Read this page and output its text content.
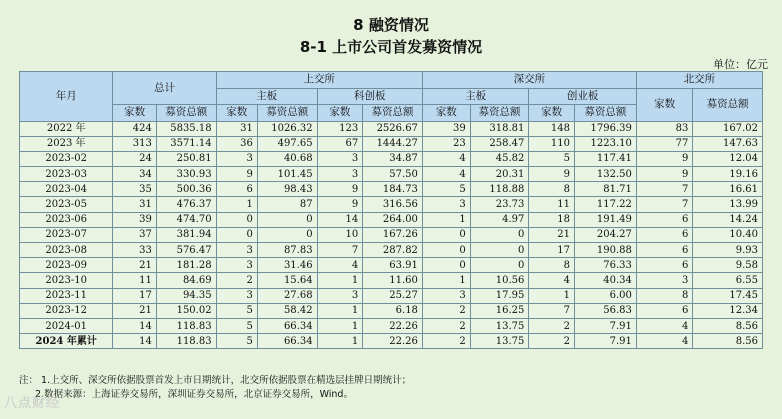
8 融资情况
8-1 上市公司首发募资情况
单位：亿元
年月	总计		上交所				深交所				北交所	
			主板		科创板		主板		创业板		家数	募资总额
	家数	募资总额	家数	募资总额	家数	募资总额	家数	募资总额	家数	募资总额		
2022 年	424	5835.18	31	1026.32	123	2526.67	39	318.81	148	1796.39	83	167.02
2023 年	313	3571.14	36	497.65	67	1444.27	23	258.47	110	1223.10	77	147.63
2023-02	24	250.81	3	40.68	3	34.87	4	45.82	5	117.41	9	12.04
2023-03	34	330.93	9	101.45	3	57.50	4	20.31	9	132.50	9	19.16
2023-04	35	500.36	6	98.43	9	184.73	5	118.88	8	81.71	7	16.61
2023-05	31	476.37	1	87	9	316.56	3	23.73	11	117.22	7	13.99
2023-06	39	474.70	0	0	14	264.00	1	4.97	18	191.49	6	14.24
2023-07	37	381.94	0	0	10	167.26	0	0	21	204.27	6	10.40
2023-08	33	576.47	3	87.83	7	287.82	0	0	17	190.88	6	9.93
2023-09	21	181.28	3	31.46	4	63.91	0	0	8	76.33	6	9.58
2023-10	11	84.69	2	15.64	1	11.60	1	10.56	4	40.34	3	6.55
2023-11	17	94.35	3	27.68	3	25.27	3	17.95	1	6.00	8	17.45
2023-12	21	150.02	5	58.42	1	6.18	2	16.25	7	56.83	6	12.34
2024-01	14	118.83	5	66.34	1	22.26	2	13.75	2	7.91	4	8.56
2024 年累计	14	118.83	5	66.34	1	22.26	2	13.75	2	7.91	4	8.56
注： 1.上交所、深交所依据股票首发上市日期统计，北交所依据股票在精选层挂牌日期统计；
2.数据来源：上海证券交易所，深圳证券交易所，北京证券交易所，Wind。
八点财经
